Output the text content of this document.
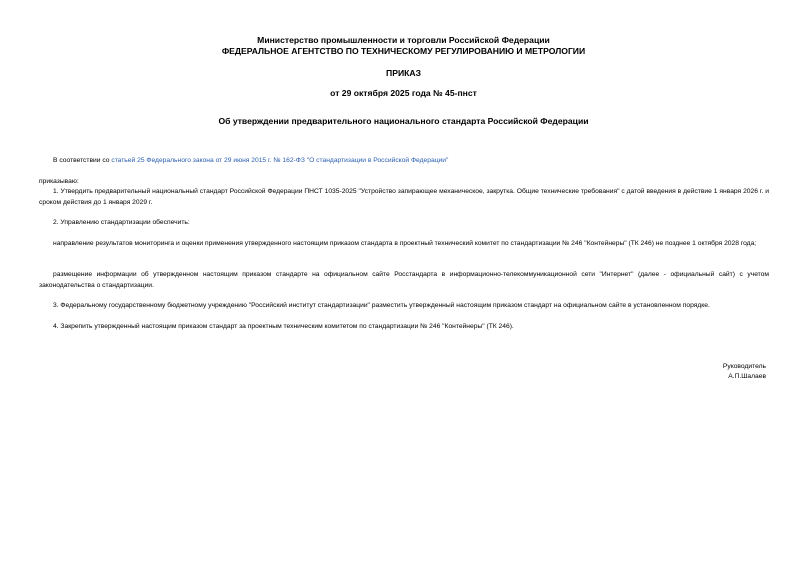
Министерство промышленности и торговли Российской Федерации
ФЕДЕРАЛЬНОЕ АГЕНТСТВО ПО ТЕХНИЧЕСКОМУ РЕГУЛИРОВАНИЮ И МЕТРОЛОГИИ
ПРИКАЗ
от 29 октября 2025 года № 45-пнст
Об утверждении предварительного национального стандарта Российской Федерации
В соответствии со статьей 25 Федерального закона от 29 июня 2015 г. № 162-ФЗ "О стандартизации в Российской Федерации"
приказываю:
1. Утвердить предварительный национальный стандарт Российской Федерации ПНСТ 1035-2025 "Устройство запирающее механическое, закрутка. Общие технические требования" с датой введения в действие 1 января 2026 г. и сроком действия до 1 января 2029 г.
2. Управлению стандартизации обеспечить:
направление результатов мониторинга и оценки применения утвержденного настоящим приказом стандарта в проектный технический комитет по стандартизации № 246 "Контейнеры" (ТК 246) не позднее 1 октября 2028 года;
размещение информации об утвержденном настоящим приказом стандарте на официальном сайте Росстандарта в информационно-телекоммуникационной сети "Интернет" (далее - официальный сайт) с учетом законодательства о стандартизации.
3. Федеральному государственному бюджетному учреждению "Российский институт стандартизации" разместить утвержденный настоящим приказом стандарт на официальном сайте в установленном порядке.
4. Закрепить утвержденный настоящим приказом стандарт за проектным техническим комитетом по стандартизации № 246 "Контейнеры" (ТК 246).
Руководитель
А.П.Шалаев
